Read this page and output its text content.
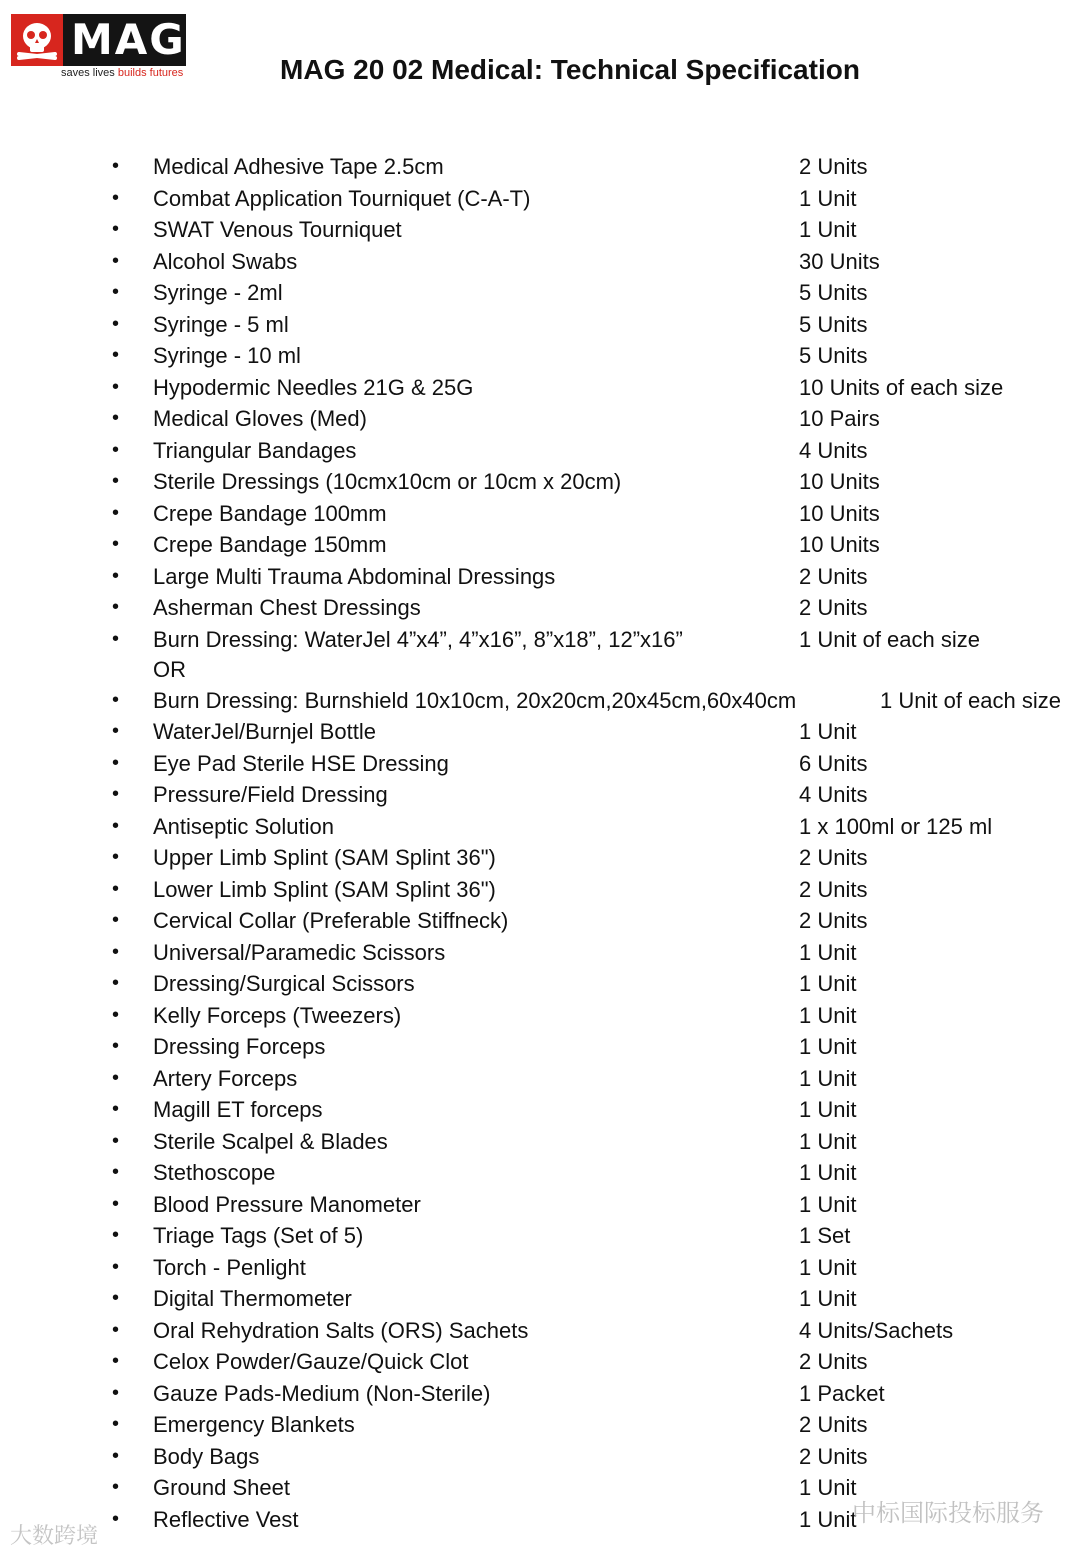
MAG
saves lives builds futures	MAG 20 02 Medical: Technical Specification
• Medical Adhesive Tape 2.5cm	2 Units
• Combat Application Tourniquet (C-A-T)	1 Unit
• SWAT Venous Tourniquet	1 Unit
• Alcohol Swabs	30 Units
• Syringe - 2ml	5 Units
• Syringe - 5 ml	5 Units
• Syringe - 10 ml	5 Units
• Hypodermic Needles 21G & 25G	10 Units of each size
• Medical Gloves (Med)	10 Pairs
• Triangular Bandages	4 Units
• Sterile Dressings (10cmx10cm or 10cm x 20cm)	10 Units
• Crepe Bandage 100mm	10 Units
• Crepe Bandage 150mm	10 Units
• Large Multi Trauma Abdominal Dressings	2 Units
• Asherman Chest Dressings	2 Units
• Burn Dressing: WaterJel 4”x4”, 4”x16”, 8”x18”, 12”x16”	1 Unit of each size
OR
• Burn Dressing: Burnshield 10x10cm, 20x20cm,20x45cm,60x40cm	1 Unit of each size
• WaterJel/Burnjel Bottle	1 Unit
• Eye Pad Sterile HSE Dressing	6 Units
• Pressure/Field Dressing	4 Units
• Antiseptic Solution	1 x 100ml or 125 ml
• Upper Limb Splint (SAM Splint 36")	2 Units
• Lower Limb Splint (SAM Splint 36")	2 Units
• Cervical Collar (Preferable Stiffneck)	2 Units
• Universal/Paramedic Scissors	1 Unit
• Dressing/Surgical Scissors	1 Unit
• Kelly Forceps (Tweezers)	1 Unit
• Dressing Forceps	1 Unit
• Artery Forceps	1 Unit
• Magill ET forceps	1 Unit
• Sterile Scalpel & Blades	1 Unit
• Stethoscope	1 Unit
• Blood Pressure Manometer	1 Unit
• Triage Tags (Set of 5)	1 Set
• Torch - Penlight	1 Unit
• Digital Thermometer	1 Unit
• Oral Rehydration Salts (ORS) Sachets	4 Units/Sachets
• Celox Powder/Gauze/Quick Clot	2 Units
• Gauze Pads-Medium (Non-Sterile)	1 Packet
• Emergency Blankets	2 Units
• Body Bags	2 Units
• Ground Sheet	1 Unit
• Reflective Vest	1 Unit
中标国际投标服务
大数跨境
